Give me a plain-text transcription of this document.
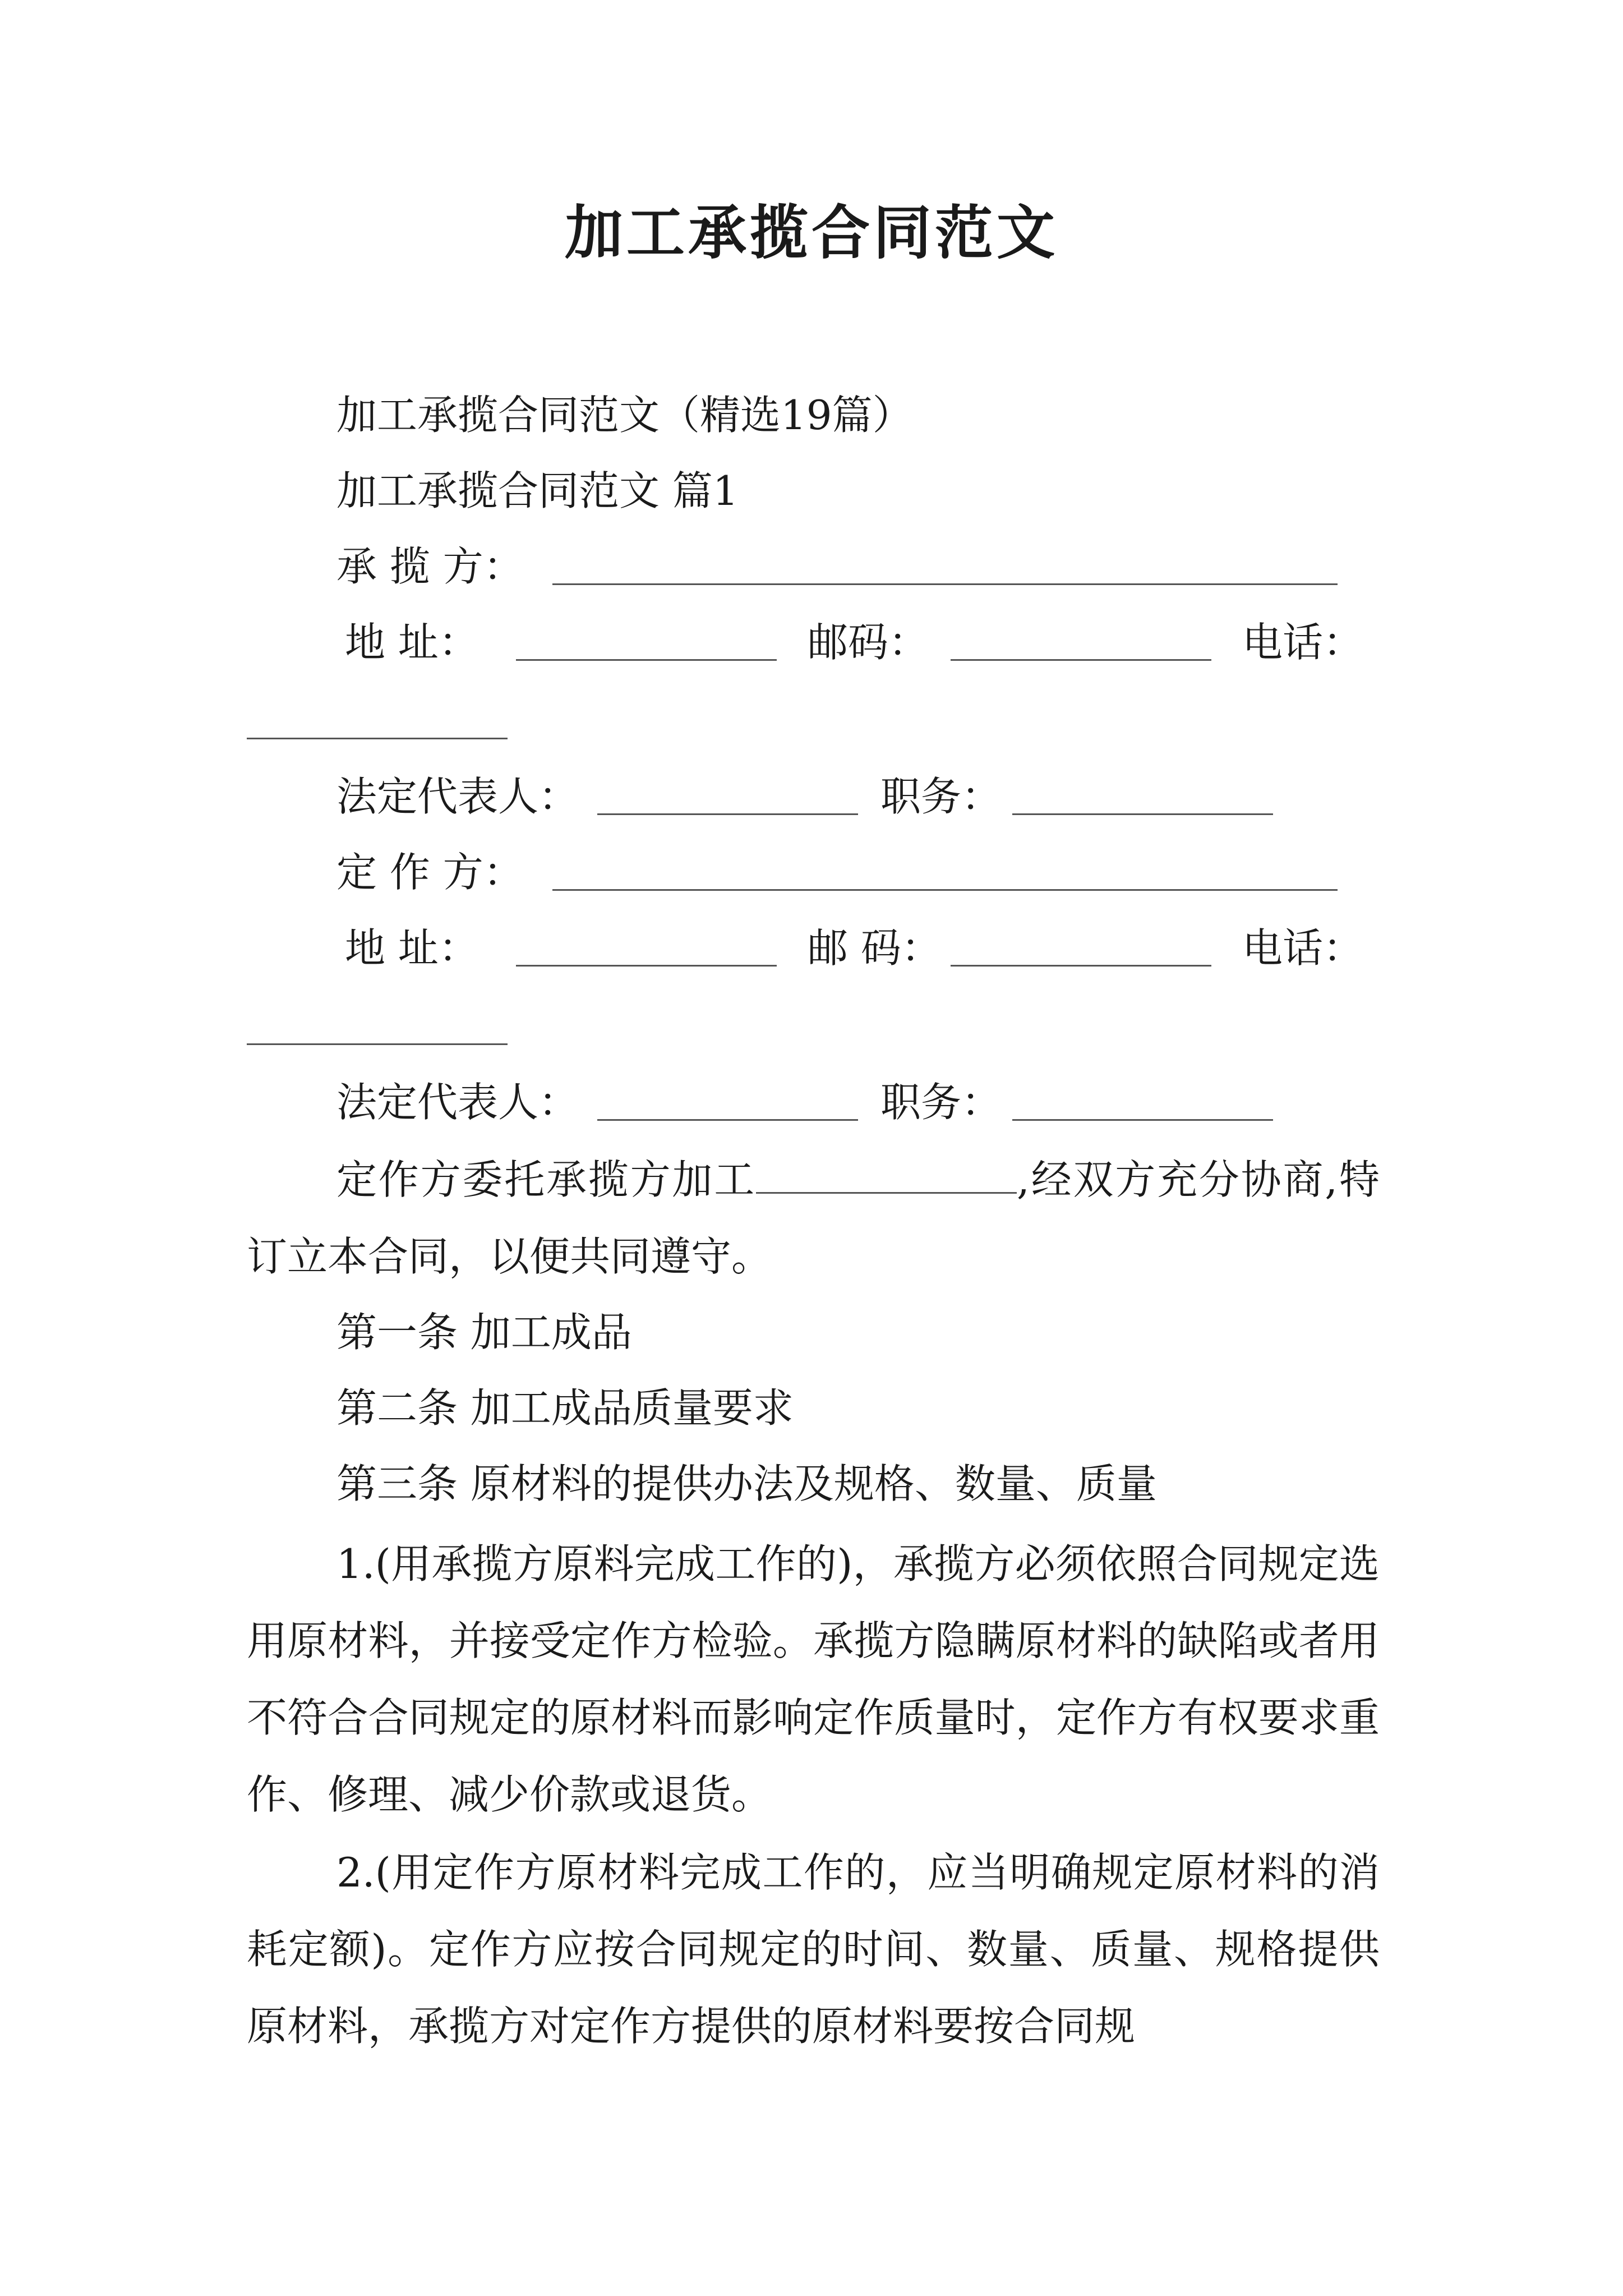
加工承揽合同范文
加工承揽合同范文（精选19篇）
加工承揽合同范文 篇1
承 揽 方：
地 址：	邮码：	电话：
法定代表人：	职务：
定 作 方：
地 址：	邮 码：	电话：
法定代表人：	职务：
定作方委托承揽方加工	,经双方充分协商,特订立本合同，以便共同遵守。
第一条 加工成品
第二条 加工成品质量要求
第三条 原材料的提供办法及规格、数量、质量
1.(用承揽方原料完成工作的)，承揽方必须依照合同规定选用原材料，并接受定作方检验。承揽方隐瞒原材料的缺陷或者用不符合合同规定的原材料而影响定作质量时，定作方有权要求重作、修理、减少价款或退货。
2.(用定作方原材料完成工作的，应当明确规定原材料的消耗定额)。定作方应按合同规定的时间、数量、质量、规格提供原材料，承揽方对定作方提供的原材料要按合同规
